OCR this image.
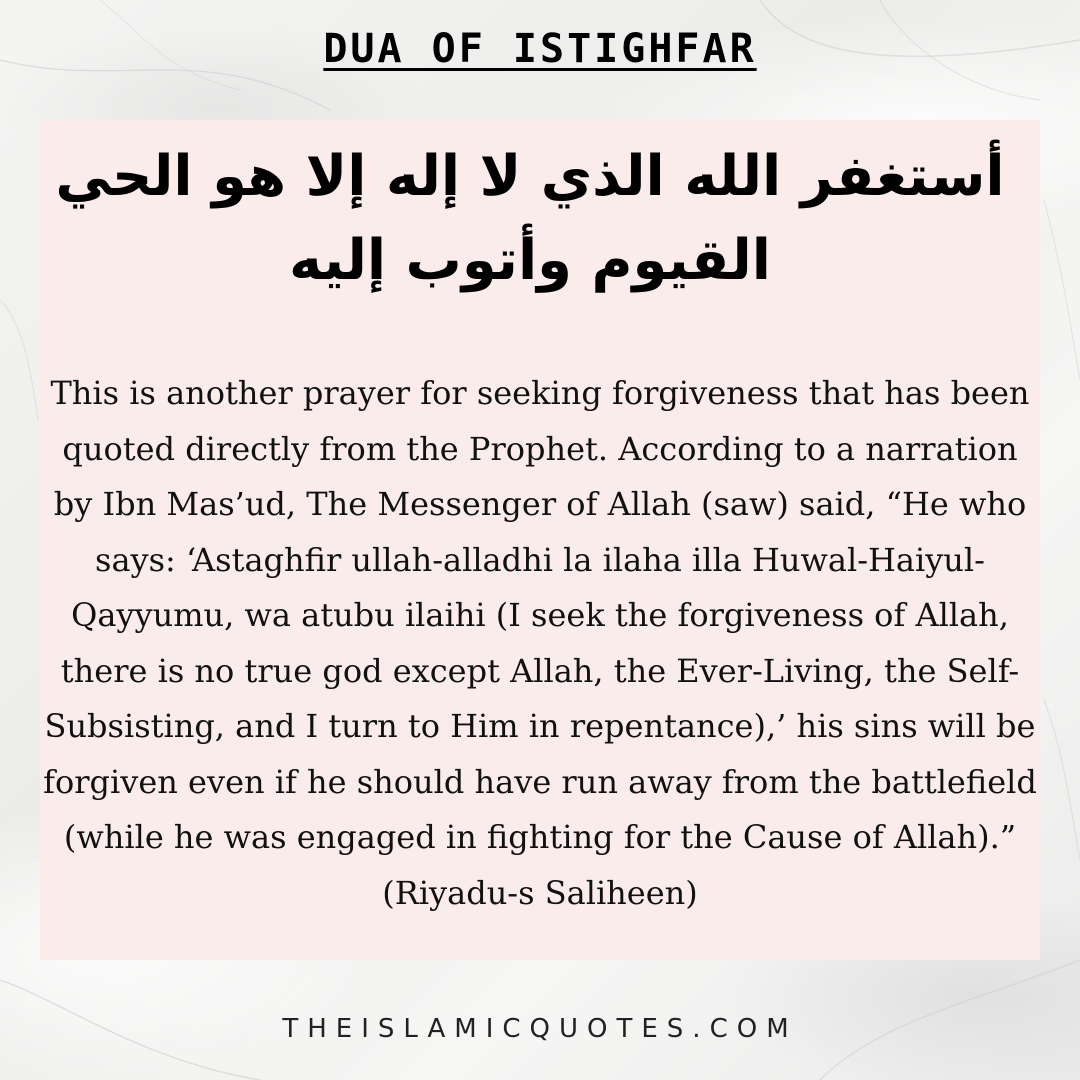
DUA OF ISTIGHFAR
أستغفر الله الذي لا إله إلا هو الحي
القيوم وأتوب إليه
This is another prayer for seeking forgiveness that has been quoted directly from the Prophet. According to a narration by Ibn Mas’ud, The Messenger of Allah (saw) said, “He who says: ‘Astaghfir ullah-alladhi la ilaha illa Huwal-Haiyul-Qayyumu, wa atubu ilaihi (I seek the forgiveness of Allah, there is no true god except Allah, the Ever-Living, the Self- Subsisting, and I turn to Him in repentance),’ his sins will be forgiven even if he should have run away from the battlefield (while he was engaged in fighting for the Cause of Allah).”
(Riyadu-s Saliheen)

THEISLAMICQUOTES.COM
